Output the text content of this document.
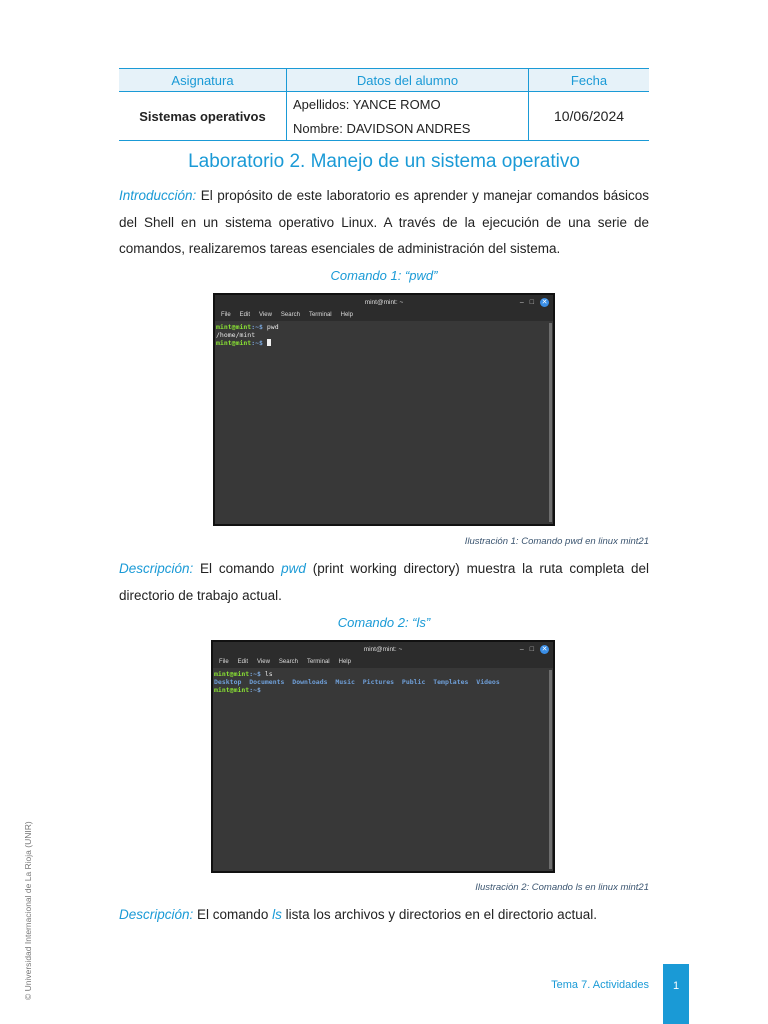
Asignatura	Datos del alumno	Fecha
Sistemas operativos	Apellidos: YANCE ROMO	10/06/2024
	Nombre: DAVIDSON ANDRES	
Laboratorio 2. Manejo de un sistema operativo

Introducción: El propósito de este laboratorio es aprender y manejar comandos básicos del Shell en un sistema operativo Linux. A través de la ejecución de una serie de comandos, realizaremos tareas esenciales de administración del sistema.

Comando 1: “pwd”
mint@mint: ~	– □ ✕
File Edit View Search Terminal Help
mint@mint:~$ pwd
/home/mint
mint@mint:~$
Ilustración 1: Comando pwd en linux mint21

Descripción: El comando pwd (print working directory) muestra la ruta completa del directorio de trabajo actual.

Comando 2: “ls”
mint@mint: ~	– □ ✕
File Edit View Search Terminal Help
mint@mint:~$ ls
Desktop Documents Downloads Music Pictures Public Templates Videos
mint@mint:~$
Ilustración 2: Comando ls en linux mint21

Descripción: El comando ls lista los archivos y directorios en el directorio actual.

Tema 7. Actividades	1
© Universidad Internacional de La Rioja (UNIR)
